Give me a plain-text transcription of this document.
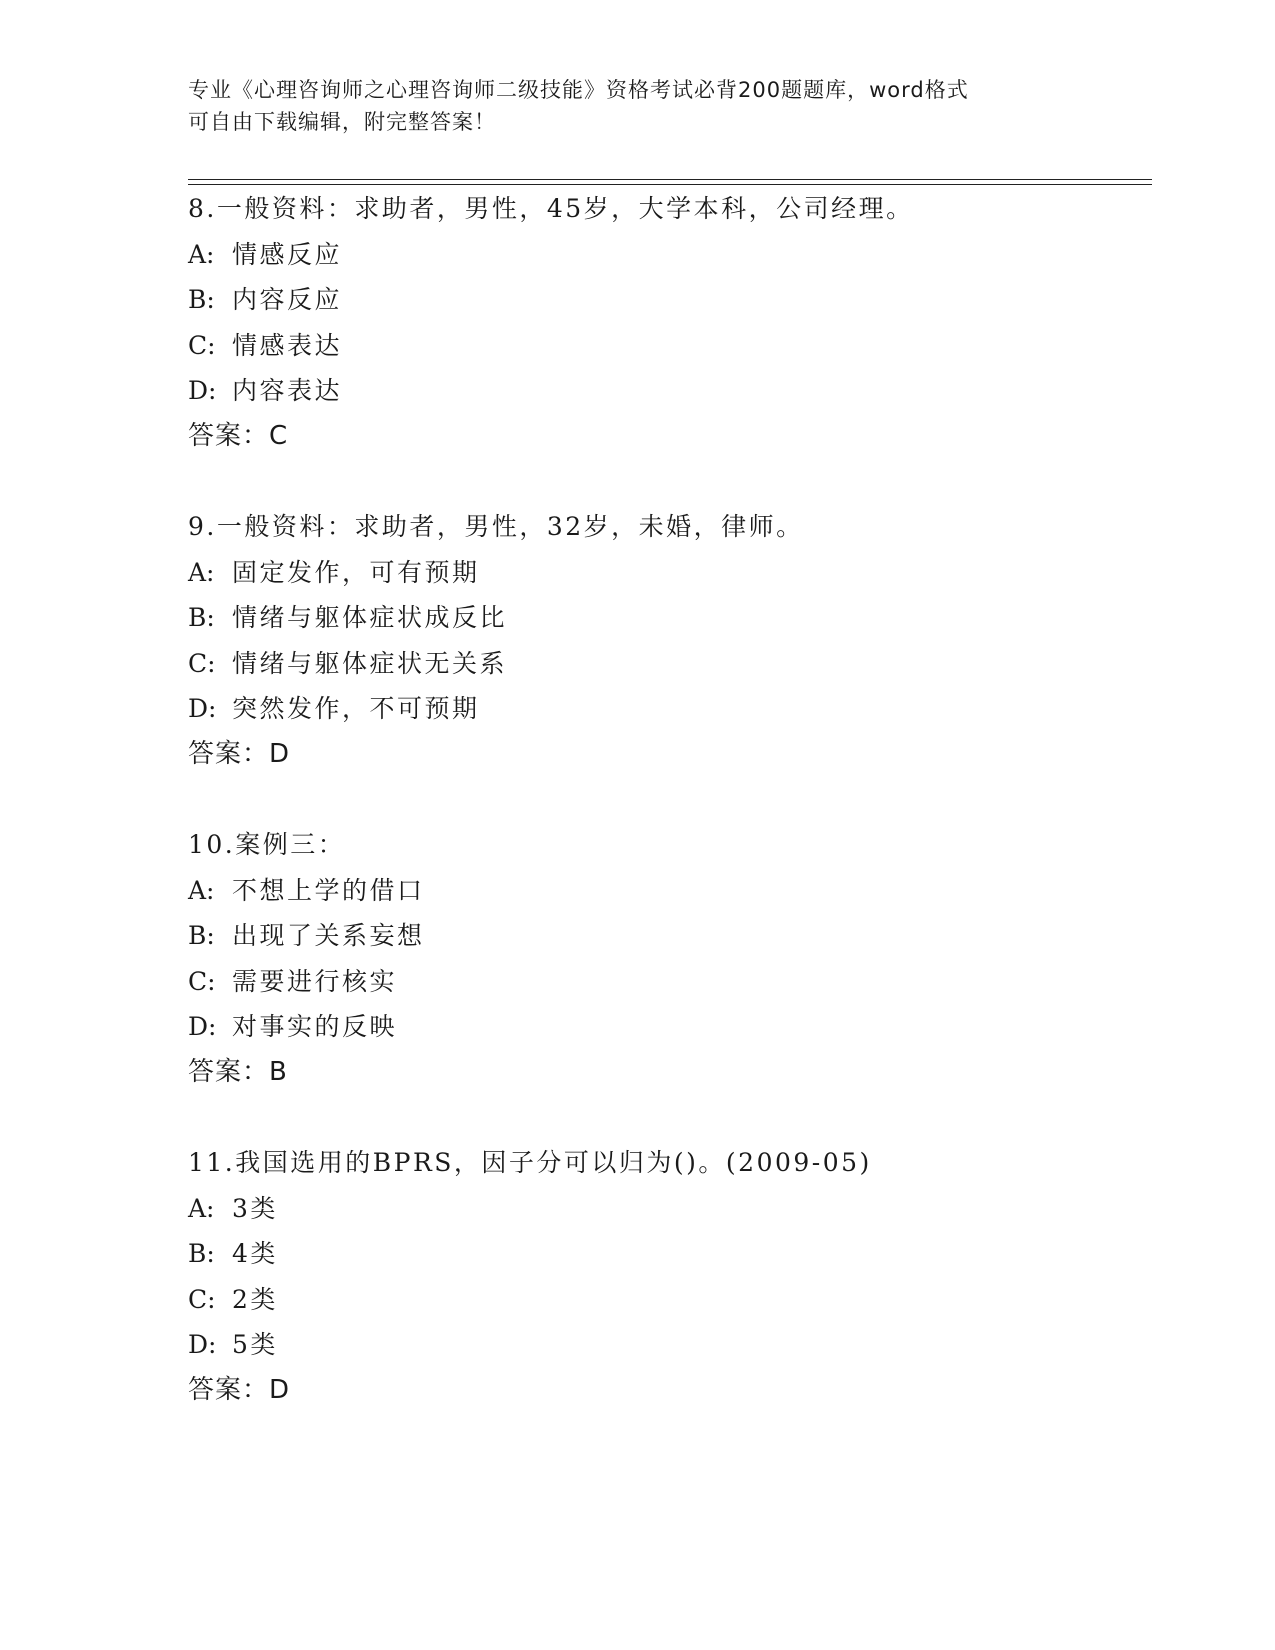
专业《心理咨询师之心理咨询师二级技能》资格考试必背200题题库，word格式
可自由下载编辑，附完整答案！
8.一般资料：求助者，男性，45岁，大学本科，公司经理。
A: 情感反应
B: 内容反应
C: 情感表达
D: 内容表达
答案：C
9.一般资料：求助者，男性，32岁，未婚，律师。
A: 固定发作，可有预期
B: 情绪与躯体症状成反比
C: 情绪与躯体症状无关系
D: 突然发作，不可预期
答案：D
10.案例三：
A: 不想上学的借口
B: 出现了关系妄想
C: 需要进行核实
D: 对事实的反映
答案：B
11.我国选用的BPRS，因子分可以归为()。(2009-05)
A: 3类
B: 4类
C: 2类
D: 5类
答案：D
